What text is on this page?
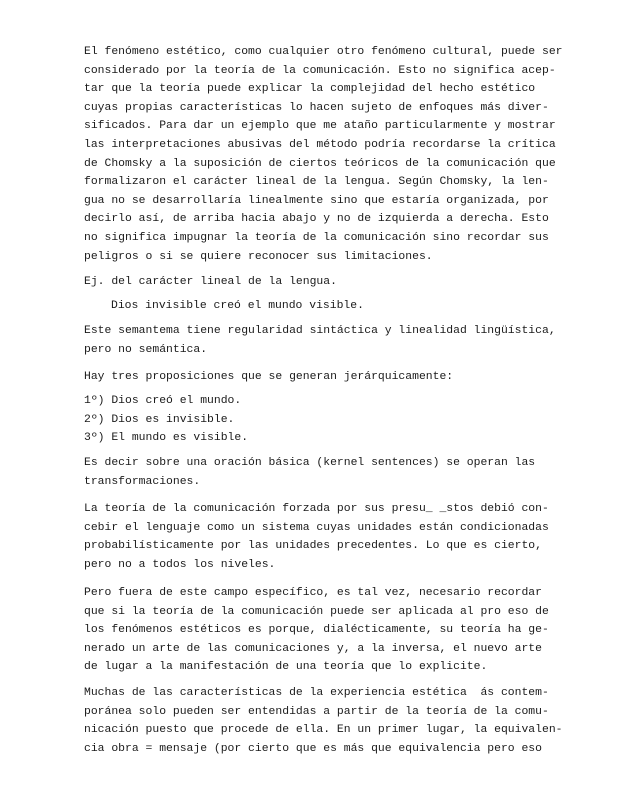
El fenómeno estético, como cualquier otro fenómeno cultural, puede ser
considerado por la teoría de la comunicación. Esto no significa acep-
tar que la teoría puede explicar la complejidad del hecho estético
cuyas propias características lo hacen sujeto de enfoques más diver-
sificados. Para dar un ejemplo que me ataño particularmente y mostrar
las interpretaciones abusivas del método podría recordarse la crítica
de Chomsky a la suposición de ciertos teóricos de la comunicación que
formalizaron el carácter lineal de la lengua. Según Chomsky, la len-
gua no se desarrollaría linealmente sino que estaría organizada, por
decirlo así, de arriba hacia abajo y no de izquierda a derecha. Esto
no significa impugnar la teoría de la comunicación sino recordar sus
peligros o si se quiere reconocer sus limitaciones.
Ej. del carácter lineal de la lengua.
Dios invisible creó el mundo visible.
Este semantema tiene regularidad sintáctica y linealidad lingüística,
pero no semántica.
Hay tres proposiciones que se generan jerárquicamente:
1º) Dios creó el mundo.
2º) Dios es invisible.
3º) El mundo es visible.
Es decir sobre una oración básica (kernel sentences) se operan las
transformaciones.
La teoría de la comunicación forzada por sus presu_ _stos debió con-
cebir el lenguaje como un sistema cuyas unidades están condicionadas
probabilísticamente por las unidades precedentes. Lo que es cierto,
pero no a todos los niveles.
Pero fuera de este campo específico, es tal vez, necesario recordar
que si la teoría de la comunicación puede ser aplicada al pro eso de
los fenómenos estéticos es porque, dialécticamente, su teoría ha ge-
nerado un arte de las comunicaciones y, a la inversa, el nuevo arte
de lugar a la manifestación de una teoría que lo explicite.
Muchas de las características de la experiencia estética  ás contem-
poránea solo pueden ser entendidas a partir de la teoría de la comu-
nicación puesto que procede de ella. En un primer lugar, la equivalen-
cia obra = mensaje (por cierto que es más que equivalencia pero eso
